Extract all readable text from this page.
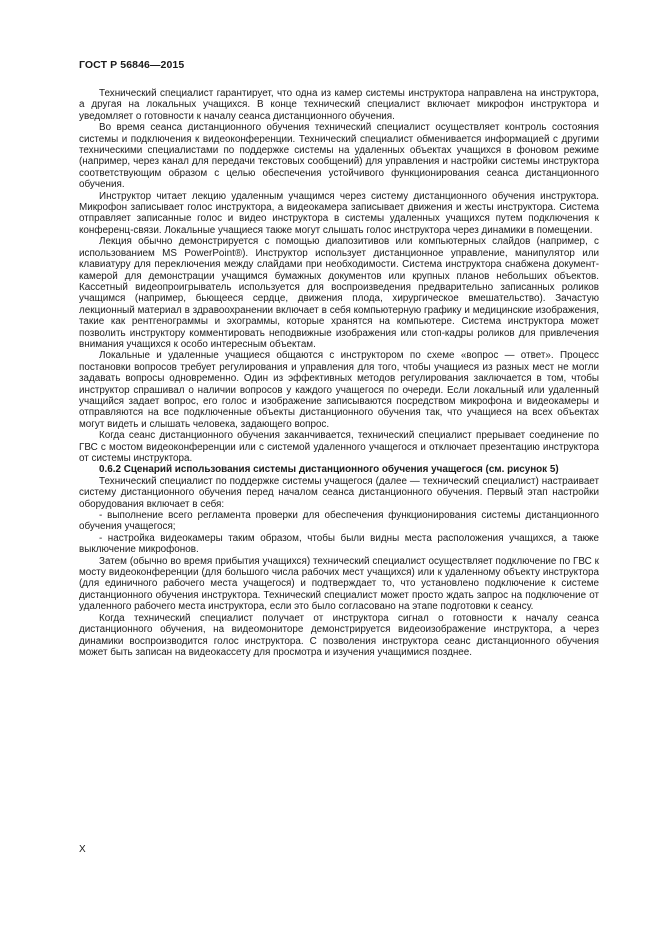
ГОСТ Р 56846—2015

Технический специалист гарантирует, что одна из камер системы инструктора направлена на инструктора, а другая на локальных учащихся. В конце технический специалист включает микрофон инструктора и уведомляет о готовности к началу сеанса дистанционного обучения.

Во время сеанса дистанционного обучения технический специалист осуществляет контроль состояния системы и подключения к видеоконференции. Технический специалист обменивается информацией с другими техническими специалистами по поддержке системы на удаленных объектах учащихся в фоновом режиме (например, через канал для передачи текстовых сообщений) для управления и настройки системы инструктора соответствующим образом с целью обеспечения устойчивого функционирования сеанса дистанционного обучения.

Инструктор читает лекцию удаленным учащимся через систему дистанционного обучения инструктора. Микрофон записывает голос инструктора, а видеокамера записывает движения и жесты инструктора. Система отправляет записанные голос и видео инструктора в системы удаленных учащихся путем подключения к конференц-связи. Локальные учащиеся также могут слышать голос инструктора через динамики в помещении.

Лекция обычно демонстрируется с помощью диапозитивов или компьютерных слайдов (например, с использованием MS PowerPoint®). Инструктор использует дистанционное управление, манипулятор или клавиатуру для переключения между слайдами при необходимости. Система инструктора снабжена документ-камерой для демонстрации учащимся бумажных документов или крупных планов небольших объектов. Кассетный видеопроигрыватель используется для воспроизведения предварительно записанных роликов учащимся (например, бьющееся сердце, движения плода, хирургическое вмешательство). Зачастую лекционный материал в здравоохранении включает в себя компьютерную графику и медицинские изображения, такие как рентгенограммы и эхограммы, которые хранятся на компьютере. Система инструктора может позволить инструктору комментировать неподвижные изображения или стоп-кадры роликов для привлечения внимания учащихся к особо интересным объектам.

Локальные и удаленные учащиеся общаются с инструктором по схеме «вопрос — ответ». Процесс постановки вопросов требует регулирования и управления для того, чтобы учащиеся из разных мест не могли задавать вопросы одновременно. Один из эффективных методов регулирования заключается в том, чтобы инструктор спрашивал о наличии вопросов у каждого учащегося по очереди. Если локальный или удаленный учащийся задает вопрос, его голос и изображение записываются посредством микрофона и видеокамеры и отправляются на все подключенные объекты дистанционного обучения так, что учащиеся на всех объектах могут видеть и слышать человека, задающего вопрос.

Когда сеанс дистанционного обучения заканчивается, технический специалист прерывает соединение по ГВС с мостом видеоконференции или с системой удаленного учащегося и отключает презентацию инструктора от системы инструктора.

0.6.2 Сценарий использования системы дистанционного обучения учащегося (см. рисунок 5)

Технический специалист по поддержке системы учащегося (далее — технический специалист) настраивает систему дистанционного обучения перед началом сеанса дистанционного обучения. Первый этап настройки оборудования включает в себя:

- выполнение всего регламента проверки для обеспечения функционирования системы дистанционного обучения учащегося;

- настройка видеокамеры таким образом, чтобы были видны места расположения учащихся, а также выключение микрофонов.

Затем (обычно во время прибытия учащихся) технический специалист осуществляет подключение по ГВС к мосту видеоконференции (для большого числа рабочих мест учащихся) или к удаленному объекту инструктора (для единичного рабочего места учащегося) и подтверждает то, что установлено подключение к системе дистанционного обучения инструктора. Технический специалист может просто ждать запрос на подключение от удаленного рабочего места инструктора, если это было согласовано на этапе подготовки к сеансу.

Когда технический специалист получает от инструктора сигнал о готовности к началу сеанса дистанционного обучения, на видеомониторе демонстрируется видеоизображение инструктора, а через динамики воспроизводится голос инструктора. С позволения инструктора сеанс дистанционного обучения может быть записан на видеокассету для просмотра и изучения учащимися позднее.

X
